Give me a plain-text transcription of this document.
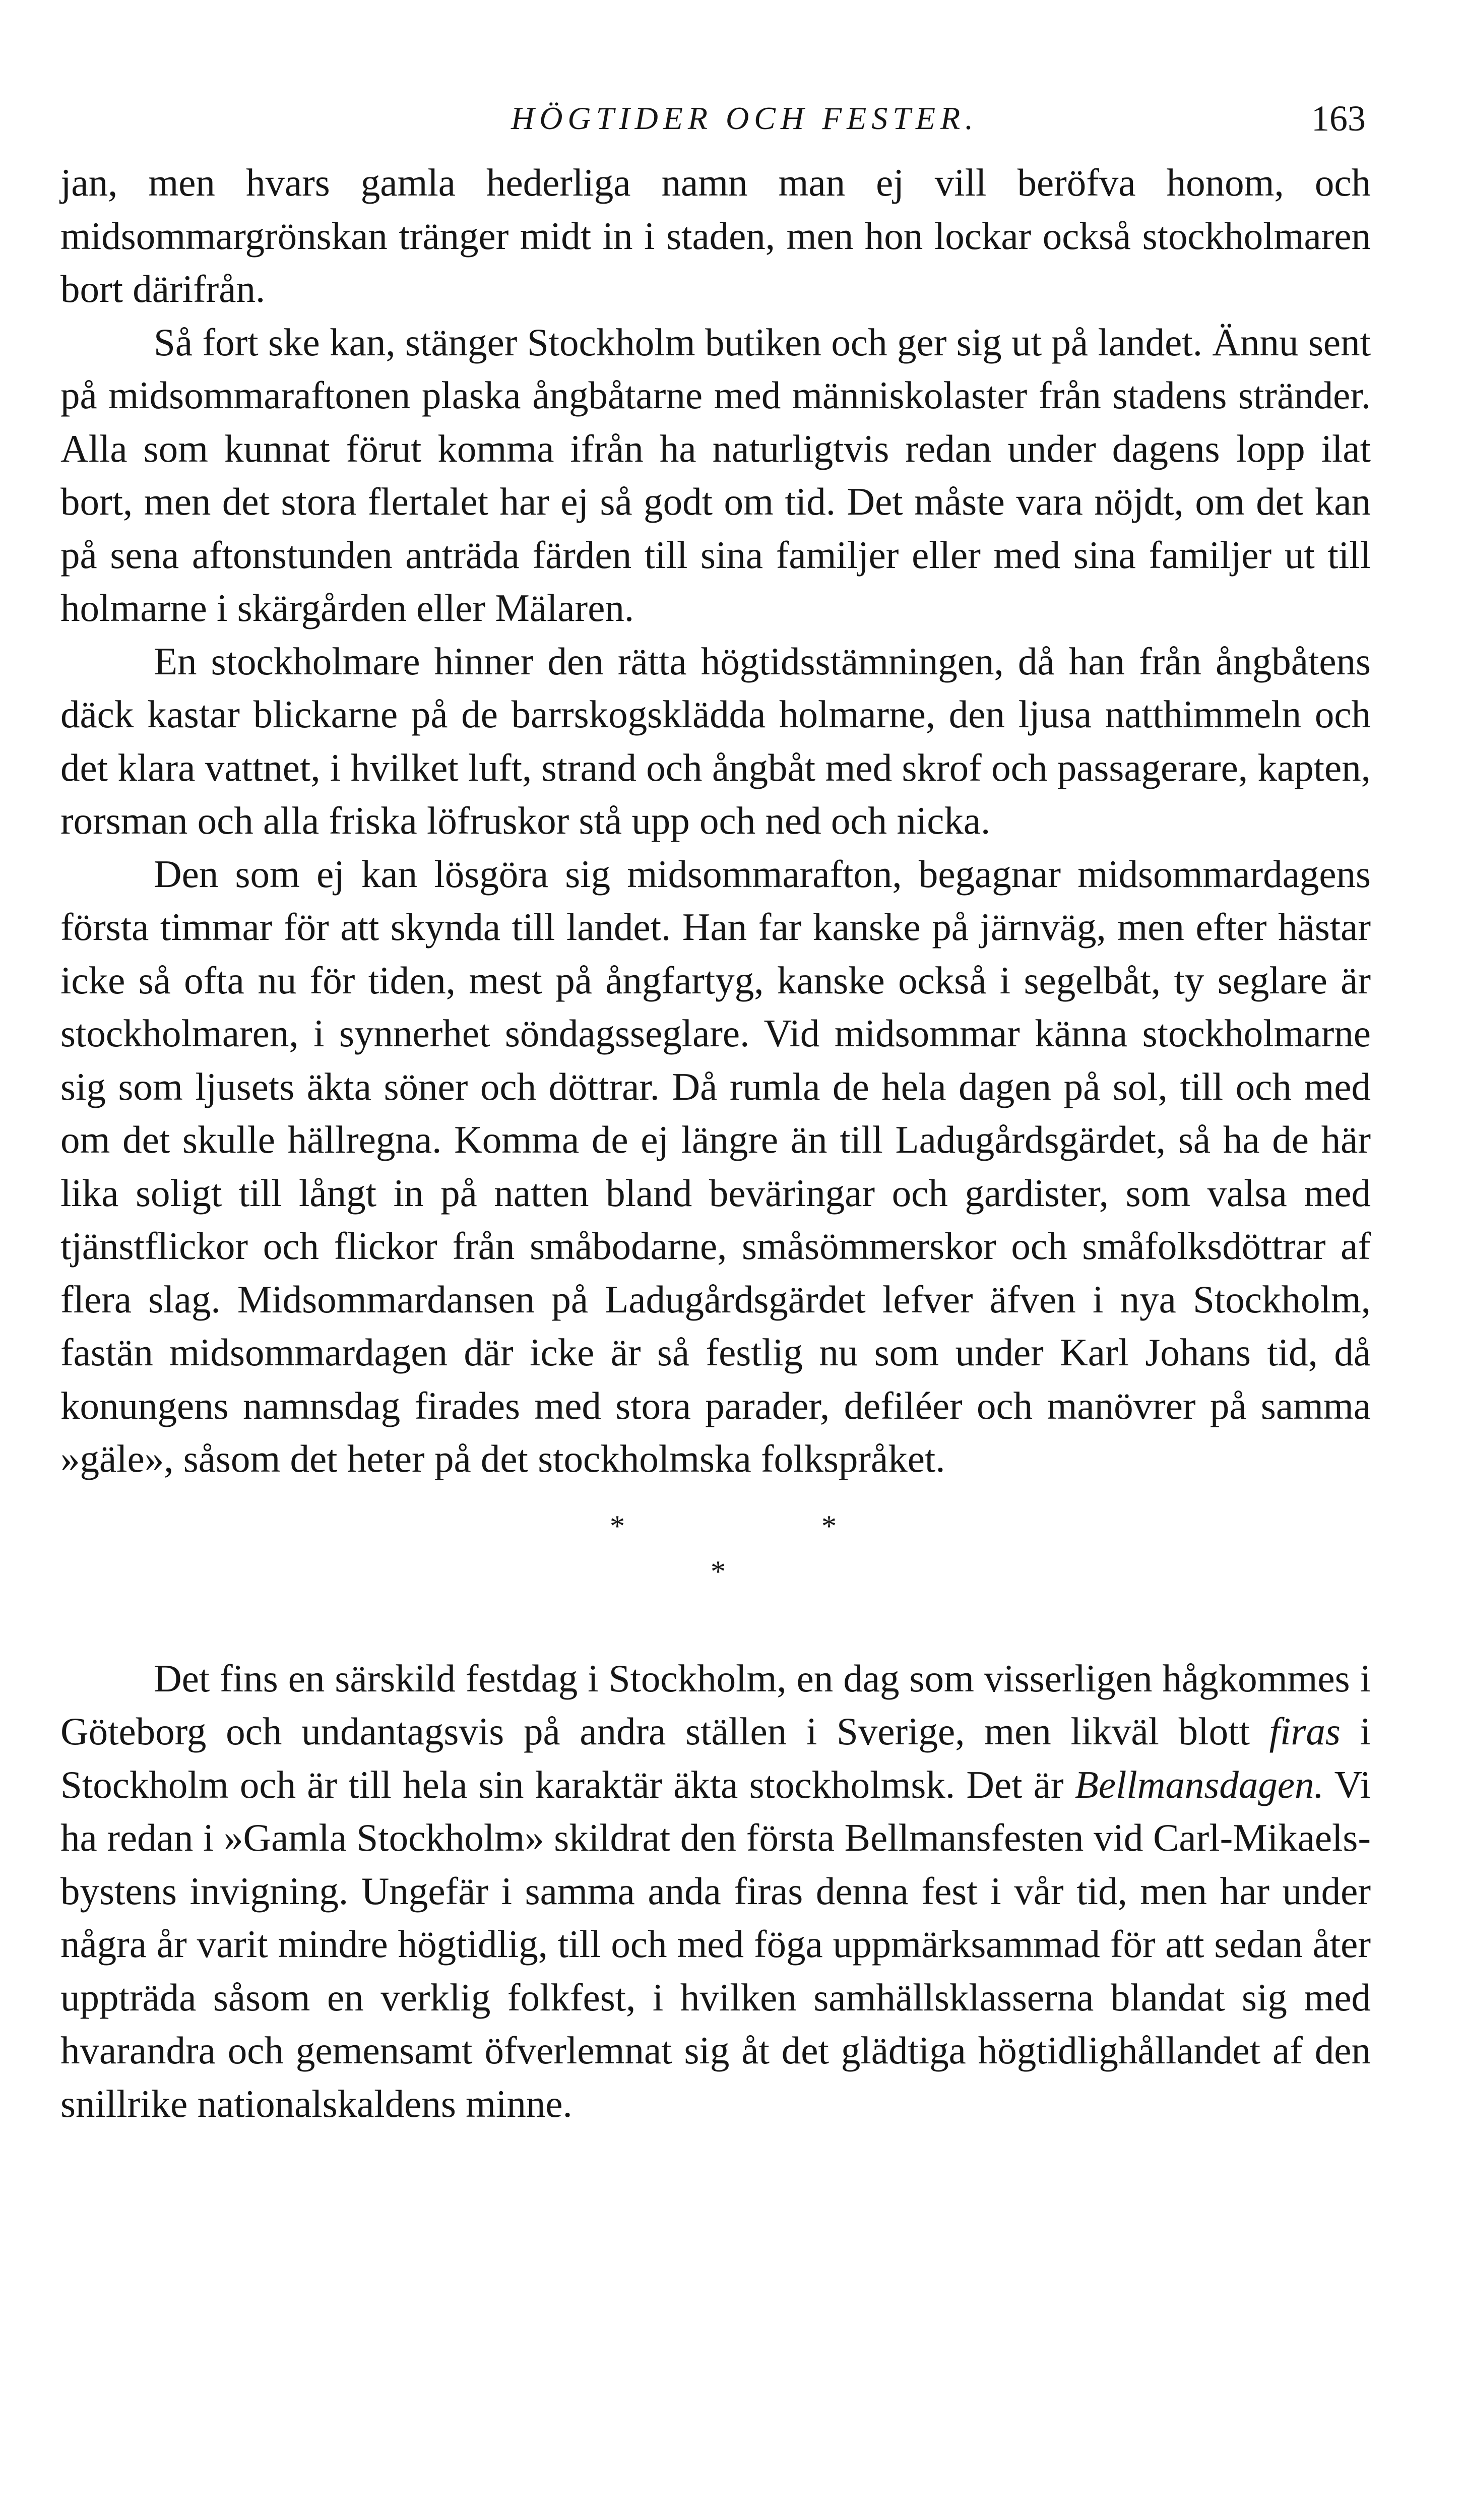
HÖGTIDER OCH FESTER.	163

jan, men hvars gamla hederliga namn man ej vill beröfva honom, och midsommargrönskan tränger midt in i staden, men hon lockar också stockholmaren bort därifrån.

Så fort ske kan, stänger Stockholm butiken och ger sig ut på landet. Ännu sent på midsommaraftonen plaska ångbåtarne med människolaster från stadens stränder. Alla som kunnat förut komma ifrån ha naturligtvis redan under dagens lopp ilat bort, men det stora flertalet har ej så godt om tid. Det måste vara nöjdt, om det kan på sena aftonstunden anträda färden till sina familjer eller med sina familjer ut till holmarne i skärgården eller Mälaren.

En stockholmare hinner den rätta högtidsstämningen, då han från ångbåtens däck kastar blickarne på de barrskogsklädda holmarne, den ljusa natthimmeln och det klara vattnet, i hvilket luft, strand och ångbåt med skrof och passagerare, kapten, rorsman och alla friska löfruskor stå upp och ned och nicka.

Den som ej kan lösgöra sig midsommarafton, begagnar midsommardagens första timmar för att skynda till landet. Han far kanske på järnväg, men efter hästar icke så ofta nu för tiden, mest på ångfartyg, kanske också i segelbåt, ty seglare är stockholmaren, i synnerhet söndagsseglare. Vid midsommar känna stockholmarne sig som ljusets äkta söner och döttrar. Då rumla de hela dagen på sol, till och med om det skulle hällregna. Komma de ej längre än till Ladugårdsgärdet, så ha de här lika soligt till långt in på natten bland beväringar och gardister, som valsa med tjänstflickor och flickor från småbodarne, småsömmerskor och småfolksdöttrar af flera slag. Midsommardansen på Ladugårdsgärdet lefver äfven i nya Stockholm, fastän midsommardagen där icke är så festlig nu som under Karl Johans tid, då konungens namnsdag firades med stora parader, defiléer och manövrer på samma »gäle», såsom det heter på det stockholmska folkspråket.

*	*
*

Det fins en särskild festdag i Stockholm, en dag som visserligen hågkommes i Göteborg och undantagsvis på andra ställen i Sverige, men likväl blott firas i Stockholm och är till hela sin karaktär äkta stockholmsk. Det är Bellmansdagen. Vi ha redan i »Gamla Stockholm» skildrat den första Bellmansfesten vid Carl-Mikaels-bystens invigning. Ungefär i samma anda firas denna fest i vår tid, men har under några år varit mindre högtidlig, till och med föga uppmärksammad för att sedan åter uppträda såsom en verklig folkfest, i hvilken samhällsklasserna blandat sig med hvarandra och gemensamt öfverlemnat sig åt det glädtiga högtidlighållandet af den snillrike nationalskaldens minne.
